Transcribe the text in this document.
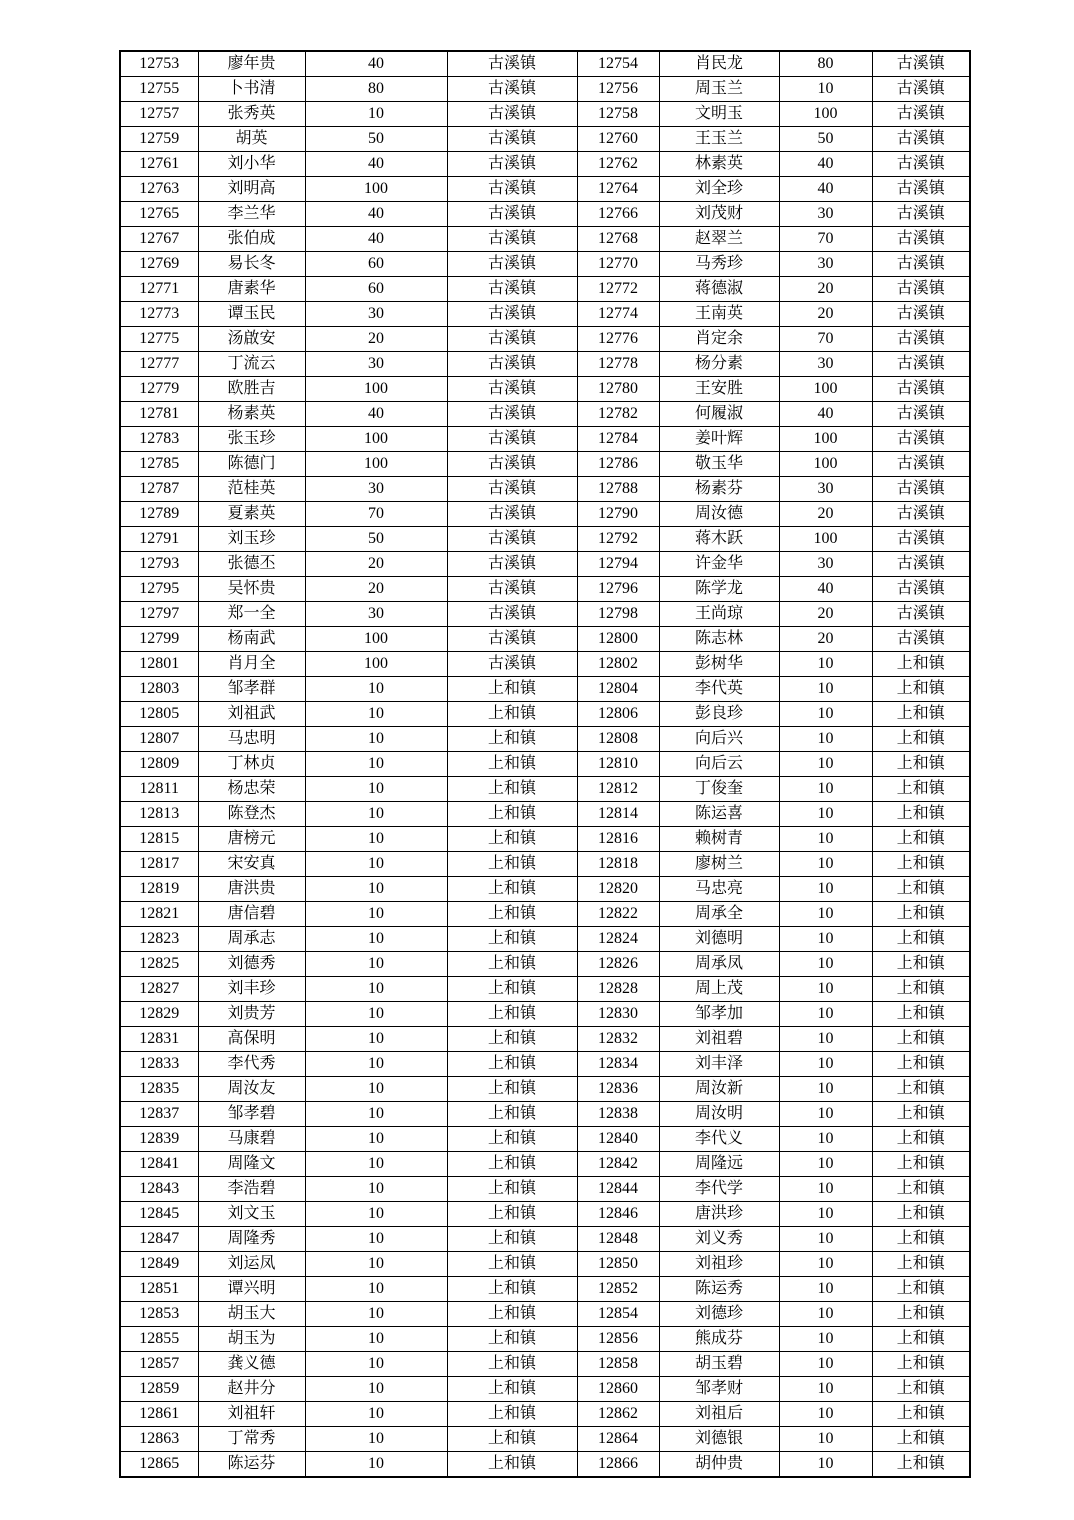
12753	廖年贵	40	古溪镇	12754	肖民龙	80	古溪镇
12755	卜书清	80	古溪镇	12756	周玉兰	10	古溪镇
12757	张秀英	10	古溪镇	12758	文明玉	100	古溪镇
12759	胡英	50	古溪镇	12760	王玉兰	50	古溪镇
12761	刘小华	40	古溪镇	12762	林素英	40	古溪镇
12763	刘明高	100	古溪镇	12764	刘全珍	40	古溪镇
12765	李兰华	40	古溪镇	12766	刘茂财	30	古溪镇
12767	张伯成	40	古溪镇	12768	赵翠兰	70	古溪镇
12769	易长冬	60	古溪镇	12770	马秀珍	30	古溪镇
12771	唐素华	60	古溪镇	12772	蒋德淑	20	古溪镇
12773	谭玉民	30	古溪镇	12774	王南英	20	古溪镇
12775	汤啟安	20	古溪镇	12776	肖定余	70	古溪镇
12777	丁流云	30	古溪镇	12778	杨分素	30	古溪镇
12779	欧胜吉	100	古溪镇	12780	王安胜	100	古溪镇
12781	杨素英	40	古溪镇	12782	何履淑	40	古溪镇
12783	张玉珍	100	古溪镇	12784	姜叶辉	100	古溪镇
12785	陈德门	100	古溪镇	12786	敬玉华	100	古溪镇
12787	范桂英	30	古溪镇	12788	杨素芬	30	古溪镇
12789	夏素英	70	古溪镇	12790	周汝德	20	古溪镇
12791	刘玉珍	50	古溪镇	12792	蒋木跃	100	古溪镇
12793	张德丕	20	古溪镇	12794	许金华	30	古溪镇
12795	吴怀贵	20	古溪镇	12796	陈学龙	40	古溪镇
12797	郑一全	30	古溪镇	12798	王尚琼	20	古溪镇
12799	杨南武	100	古溪镇	12800	陈志林	20	古溪镇
12801	肖月全	100	古溪镇	12802	彭树华	10	上和镇
12803	邹孝群	10	上和镇	12804	李代英	10	上和镇
12805	刘祖武	10	上和镇	12806	彭良珍	10	上和镇
12807	马忠明	10	上和镇	12808	向后兴	10	上和镇
12809	丁林贞	10	上和镇	12810	向后云	10	上和镇
12811	杨忠荣	10	上和镇	12812	丁俊奎	10	上和镇
12813	陈登杰	10	上和镇	12814	陈运喜	10	上和镇
12815	唐榜元	10	上和镇	12816	赖树青	10	上和镇
12817	宋安真	10	上和镇	12818	廖树兰	10	上和镇
12819	唐洪贵	10	上和镇	12820	马忠亮	10	上和镇
12821	唐信碧	10	上和镇	12822	周承全	10	上和镇
12823	周承志	10	上和镇	12824	刘德明	10	上和镇
12825	刘德秀	10	上和镇	12826	周承凤	10	上和镇
12827	刘丰珍	10	上和镇	12828	周上茂	10	上和镇
12829	刘贵芳	10	上和镇	12830	邹孝加	10	上和镇
12831	高保明	10	上和镇	12832	刘祖碧	10	上和镇
12833	李代秀	10	上和镇	12834	刘丰泽	10	上和镇
12835	周汝友	10	上和镇	12836	周汝新	10	上和镇
12837	邹孝碧	10	上和镇	12838	周汝明	10	上和镇
12839	马康碧	10	上和镇	12840	李代义	10	上和镇
12841	周隆文	10	上和镇	12842	周隆远	10	上和镇
12843	李浩碧	10	上和镇	12844	李代学	10	上和镇
12845	刘文玉	10	上和镇	12846	唐洪珍	10	上和镇
12847	周隆秀	10	上和镇	12848	刘义秀	10	上和镇
12849	刘运凤	10	上和镇	12850	刘祖珍	10	上和镇
12851	谭兴明	10	上和镇	12852	陈运秀	10	上和镇
12853	胡玉大	10	上和镇	12854	刘德珍	10	上和镇
12855	胡玉为	10	上和镇	12856	熊成芬	10	上和镇
12857	龚义德	10	上和镇	12858	胡玉碧	10	上和镇
12859	赵井分	10	上和镇	12860	邹孝财	10	上和镇
12861	刘祖轩	10	上和镇	12862	刘祖后	10	上和镇
12863	丁常秀	10	上和镇	12864	刘德银	10	上和镇
12865	陈运芬	10	上和镇	12866	胡仲贵	10	上和镇
